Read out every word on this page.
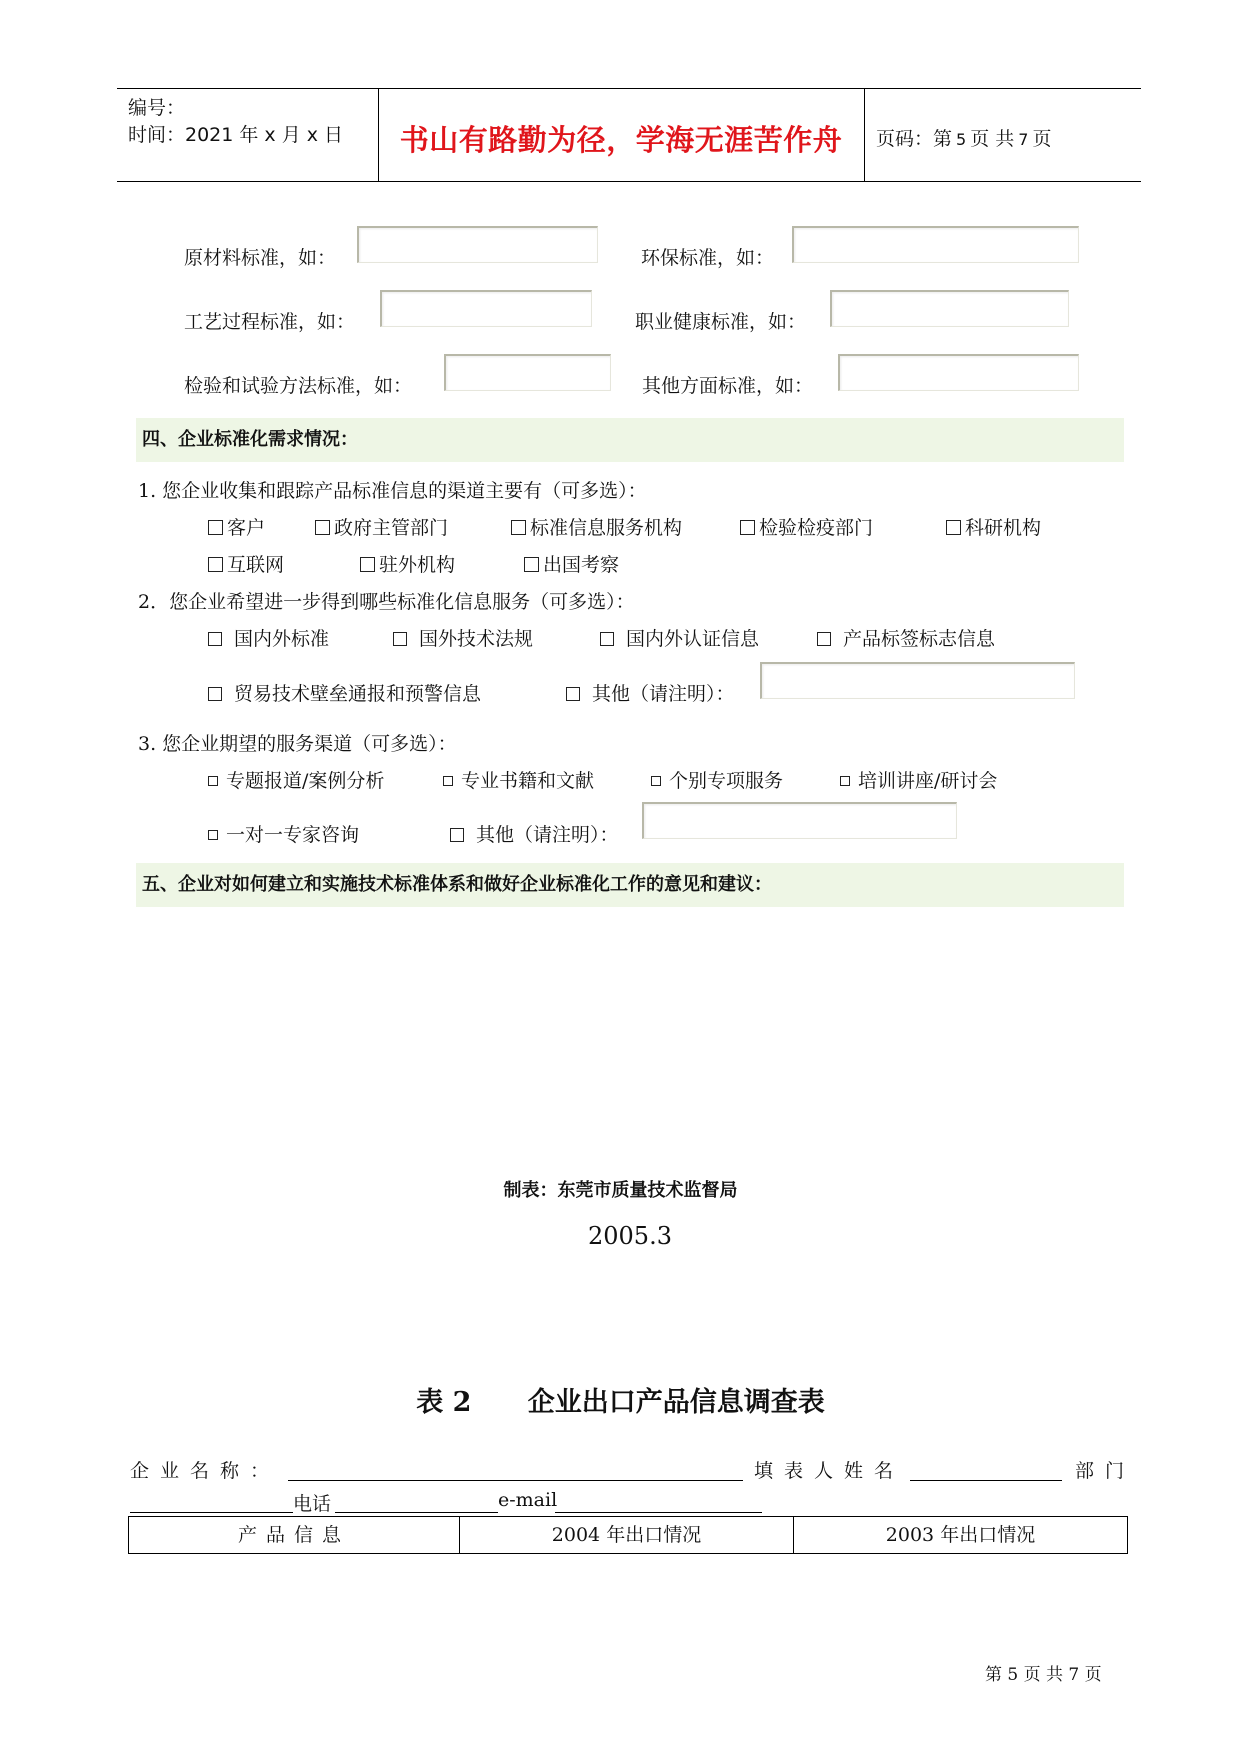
编号：
时间：2021 年 x 月 x 日	书山有路勤为径，学海无涯苦作舟	页码：第 5 页 共 7 页
原材料标准，如：	环保标准，如：
工艺过程标准，如：	职业健康标准，如：
检验和试验方法标准，如：	其他方面标准，如：
四、企业标准化需求情况：
1. 您企业收集和跟踪产品标准信息的渠道主要有（可多选）：
客户	政府主管部门	标准信息服务机构	检验检疫部门	科研机构
互联网	驻外机构	出国考察
2．您企业希望进一步得到哪些标准化信息服务（可多选）：
国内外标准	国外技术法规	国内外认证信息	产品标签标志信息
贸易技术壁垒通报和预警信息	其他（请注明）：
3. 您企业期望的服务渠道（可多选）：
专题报道/案例分析	专业书籍和文献	个别专项服务	培训讲座/研讨会
一对一专家咨询	其他（请注明）：
五、企业对如何建立和实施技术标准体系和做好企业标准化工作的意见和建议：
制表：东莞市质量技术监督局
2005.3
表 2      企业出口产品信息调查表
企业名称：	填表人姓名	部门
电话	e-mail
产品信息	2004 年出口情况	2003 年出口情况
第 5 页 共 7 页
